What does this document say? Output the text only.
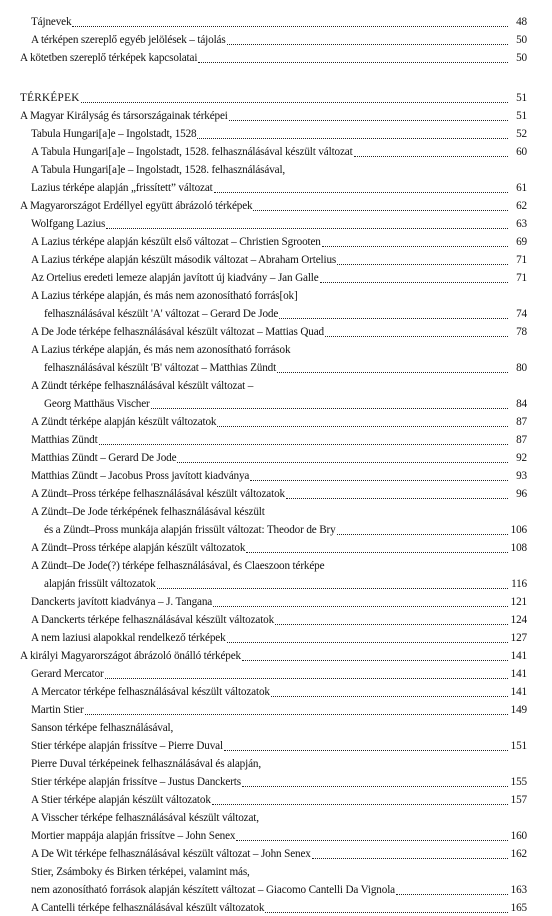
Tájnevek	48
A térképen szereplő egyéb jelölések – tájolás	50
A kötetben szereplő térképek kapcsolatai	50
TÉRKÉPEK	51
A Magyar Királyság és társországainak térképei	51
Tabula Hungari[a]e – Ingolstadt, 1528	52
A Tabula Hungari[a]e – Ingolstadt, 1528. felhasználásával készült változat	60
A Tabula Hungari[a]e – Ingolstadt, 1528. felhasználásával,
Lazius térképe alapján „frissített” változat	61
A Magyarországot Erdéllyel együtt ábrázoló térképek	62
Wolfgang Lazius	63
A Lazius térképe alapján készült első változat – Christien Sgrooten	69
A Lazius térképe alapján készült második változat – Abraham Ortelius	71
Az Ortelius eredeti lemeze alapján javított új kiadvány – Jan Galle	71
A Lazius térképe alapján, és más nem azonosítható forrás[ok]
felhasználásával készült 'A' változat – Gerard De Jode	74
A De Jode térképe felhasználásával készült változat – Mattias Quad	78
A Lazius térképe alapján, és más nem azonosítható források
felhasználásával készült 'B' változat – Matthias Zündt	80
A Zündt térképe felhasználásával készült változat –
Georg Matthäus Vischer	84
A Zündt térképe alapján készült változatok	87
Matthias Zündt	87
Matthias Zündt – Gerard De Jode	92
Matthias Zündt – Jacobus Pross javított kiadványa	93
A Zündt–Pross térképe felhasználásával készült változatok	96
A Zündt–De Jode térképének felhasználásával készült
és a Zündt–Pross munkája alapján frissült változat: Theodor de Bry	106
A Zündt–Pross térképe alapján készült változatok	108
A Zündt–De Jode(?) térképe felhasználásával, és Claeszoon térképe
alapján frissült változatok	116
Danckerts javított kiadványa – J. Tangana	121
A Danckerts térképe felhasználásával készült változatok	124
A nem laziusi alapokkal rendelkező térképek	127
A királyi Magyarországot ábrázoló önálló térképek	141
Gerard Mercator	141
A Mercator térképe felhasználásával készült változatok	141
Martin Stier	149
Sanson térképe felhasználásával,
Stier térképe alapján frissítve – Pierre Duval	151
Pierre Duval térképeinek felhasználásával és alapján,
Stier térképe alapján frissítve – Justus Danckerts	155
A Stier térképe alapján készült változatok	157
A Visscher térképe felhasználásával készült változat,
Mortier mappája alapján frissítve – John Senex	160
A De Wit térképe felhasználásával készült változat – John Senex	162
Stier, Zsámboky és Birken térképei, valamint más,
nem azonosítható források alapján készített változat – Giacomo Cantelli Da Vignola	163
A Cantelli térképe felhasználásával készült változatok	165
